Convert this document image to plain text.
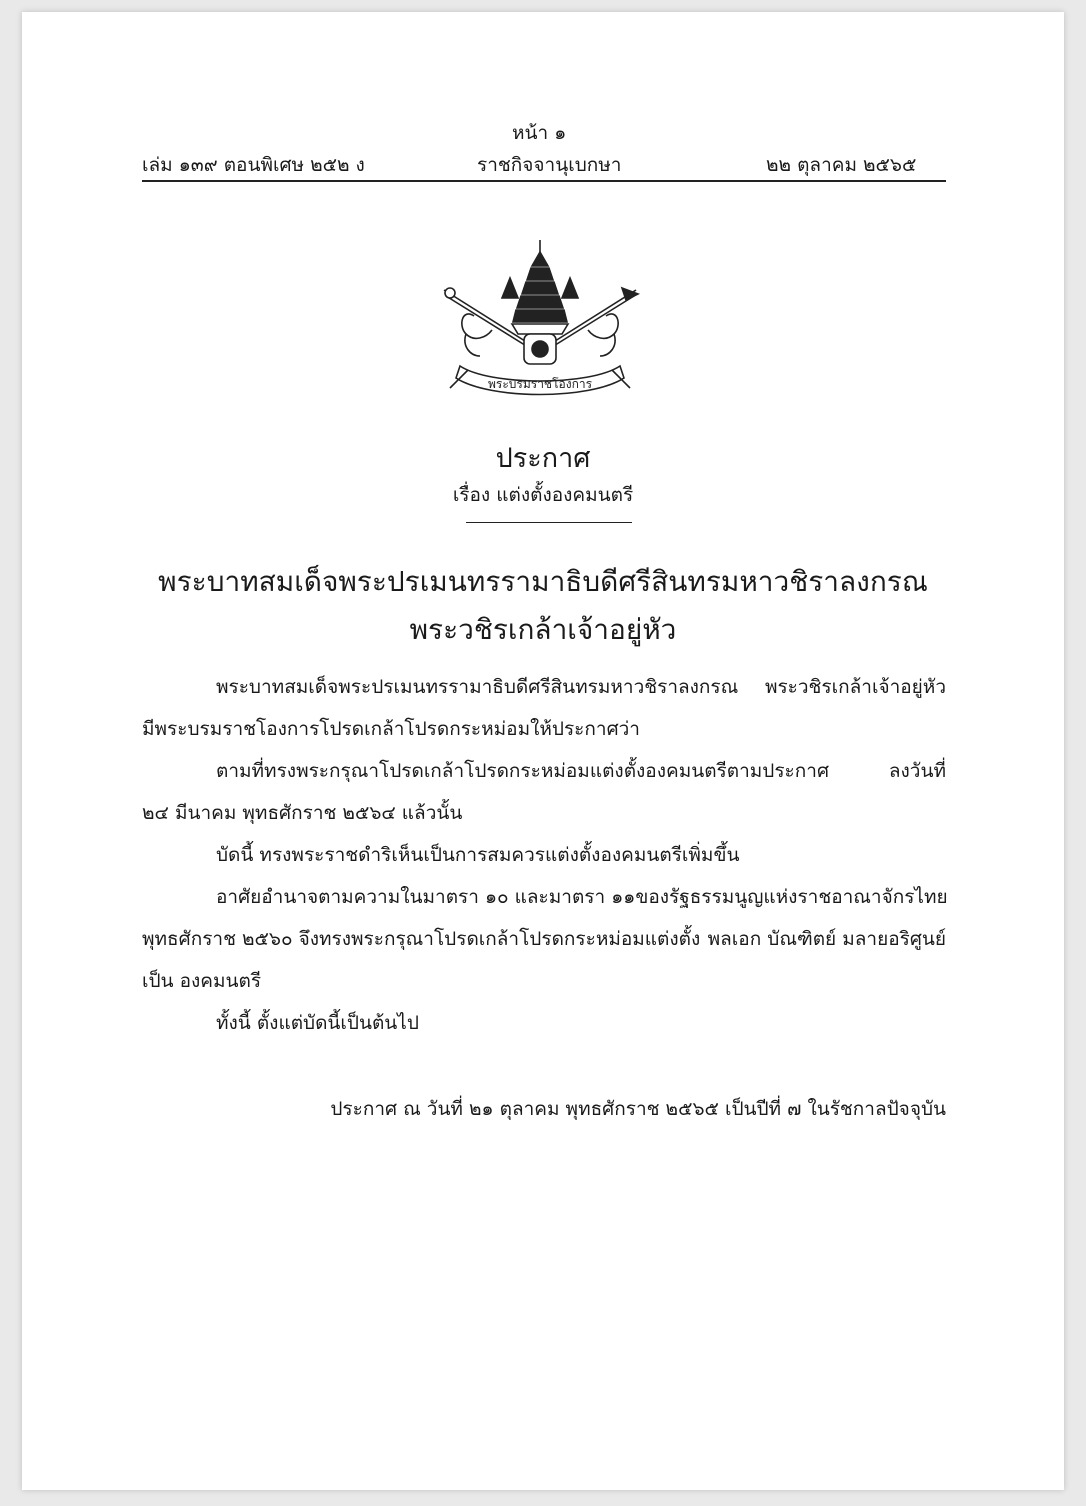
หน้า ๑
เล่ม ๑๓๙ ตอนพิเศษ ๒๕๒ ง	ราชกิจจานุเบกษา	๒๒ ตุลาคม ๒๕๖๕
พระบรมราชโองการ
ประกาศ
เรื่อง แต่งตั้งองคมนตรี
พระบาทสมเด็จพระปรเมนทรรามาธิบดีศรีสินทรมหาวชิราลงกรณ
พระวชิรเกล้าเจ้าอยู่หัว
พระบาทสมเด็จพระปรเมนทรรามาธิบดีศรีสินทรมหาวชิราลงกรณ พระวชิรเกล้าเจ้าอยู่หัว
มีพระบรมราชโองการโปรดเกล้าโปรดกระหม่อมให้ประกาศว่า
ตามที่ทรงพระกรุณาโปรดเกล้าโปรดกระหม่อมแต่งตั้งองคมนตรีตามประกาศ	ลงวันที่
๒๔ มีนาคม พุทธศักราช ๒๕๖๔ แล้วนั้น
บัดนี้ ทรงพระราชดำริเห็นเป็นการสมควรแต่งตั้งองคมนตรีเพิ่มขึ้น
อาศัยอำนาจตามความในมาตรา ๑๐ และมาตรา ๑๑ ของรัฐธรรมนูญแห่งราชอาณาจักรไทย
พุทธศักราช ๒๕๖๐ จึงทรงพระกรุณาโปรดเกล้าโปรดกระหม่อมแต่งตั้ง พลเอก บัณฑิตย์ มลายอริศูนย์
เป็น องคมนตรี
ทั้งนี้ ตั้งแต่บัดนี้เป็นต้นไป
ประกาศ ณ วันที่ ๒๑ ตุลาคม พุทธศักราช ๒๕๖๕ เป็นปีที่ ๗ ในรัชกาลปัจจุบัน
